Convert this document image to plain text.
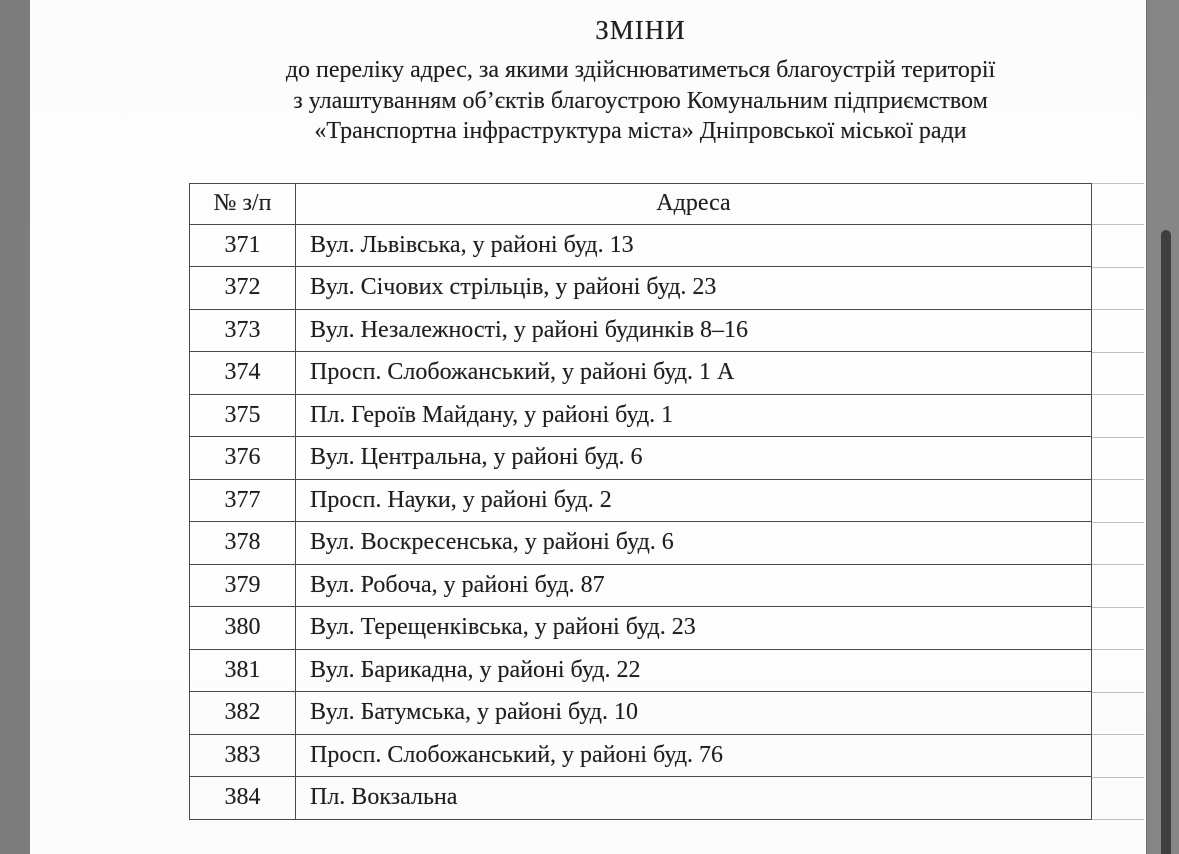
ЗМІНИ
до переліку адрес, за якими здійснюватиметься благоустрій території
з улаштуванням об’єктів благоустрою Комунальним підприємством
«Транспортна інфраструктура міста» Дніпровської міської ради
№ з/п	Адреса
371	Вул. Львівська, у районі буд. 13
372	Вул. Січових стрільців, у районі буд. 23
373	Вул. Незалежності, у районі будинків 8–16
374	Просп. Слобожанський, у районі буд. 1 А
375	Пл. Героїв Майдану, у районі буд. 1
376	Вул. Центральна, у районі буд. 6
377	Просп. Науки, у районі буд. 2
378	Вул. Воскресенська, у районі буд. 6
379	Вул. Робоча, у районі буд. 87
380	Вул. Терещенківська, у районі буд. 23
381	Вул. Барикадна, у районі буд. 22
382	Вул. Батумська, у районі буд. 10
383	Просп. Слобожанський, у районі буд. 76
384	Пл. Вокзальна
